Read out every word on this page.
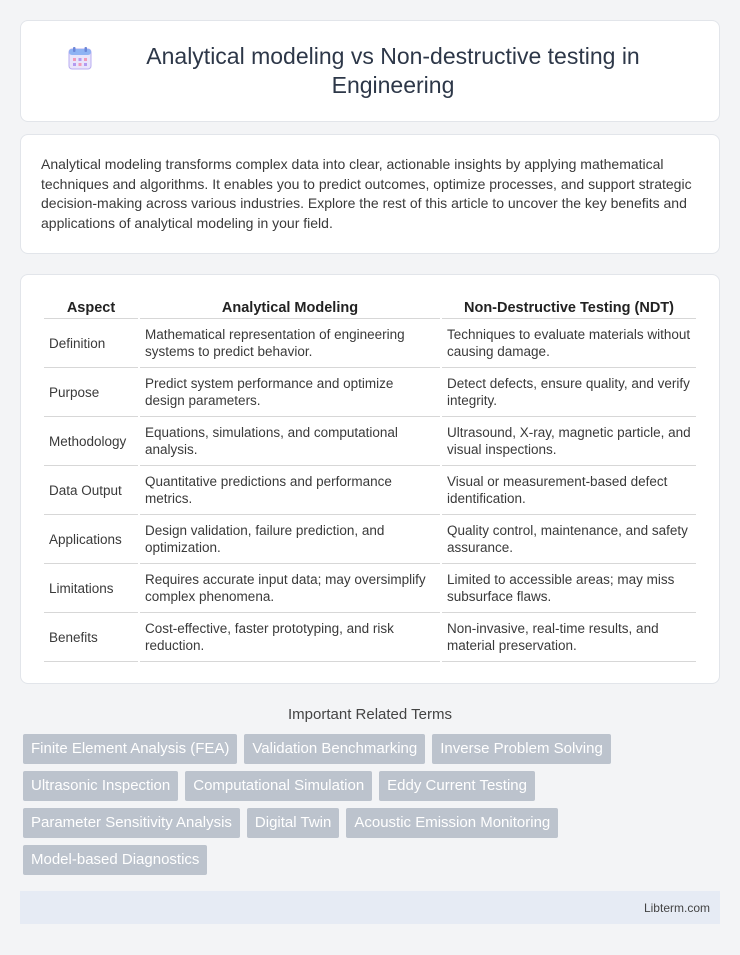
Analytical modeling vs Non-destructive testing in Engineering

Analytical modeling transforms complex data into clear, actionable insights by applying mathematical techniques and algorithms. It enables you to predict outcomes, optimize processes, and support strategic decision-making across various industries. Explore the rest of this article to uncover the key benefits and applications of analytical modeling in your field.

Aspect	Analytical Modeling	Non-Destructive Testing (NDT)
Definition	Mathematical representation of engineering systems to predict behavior.	Techniques to evaluate materials without causing damage.
Purpose	Predict system performance and optimize design parameters.	Detect defects, ensure quality, and verify integrity.
Methodology	Equations, simulations, and computational analysis.	Ultrasound, X-ray, magnetic particle, and visual inspections.
Data Output	Quantitative predictions and performance metrics.	Visual or measurement-based defect identification.
Applications	Design validation, failure prediction, and optimization.	Quality control, maintenance, and safety assurance.
Limitations	Requires accurate input data; may oversimplify complex phenomena.	Limited to accessible areas; may miss subsurface flaws.
Benefits	Cost-effective, faster prototyping, and risk reduction.	Non-invasive, real-time results, and material preservation.
Important Related Terms
Finite Element Analysis (FEA)	Validation Benchmarking	Inverse Problem Solving
Ultrasonic Inspection	Computational Simulation	Eddy Current Testing
Parameter Sensitivity Analysis	Digital Twin	Acoustic Emission Monitoring
Model-based Diagnostics
Libterm.com
